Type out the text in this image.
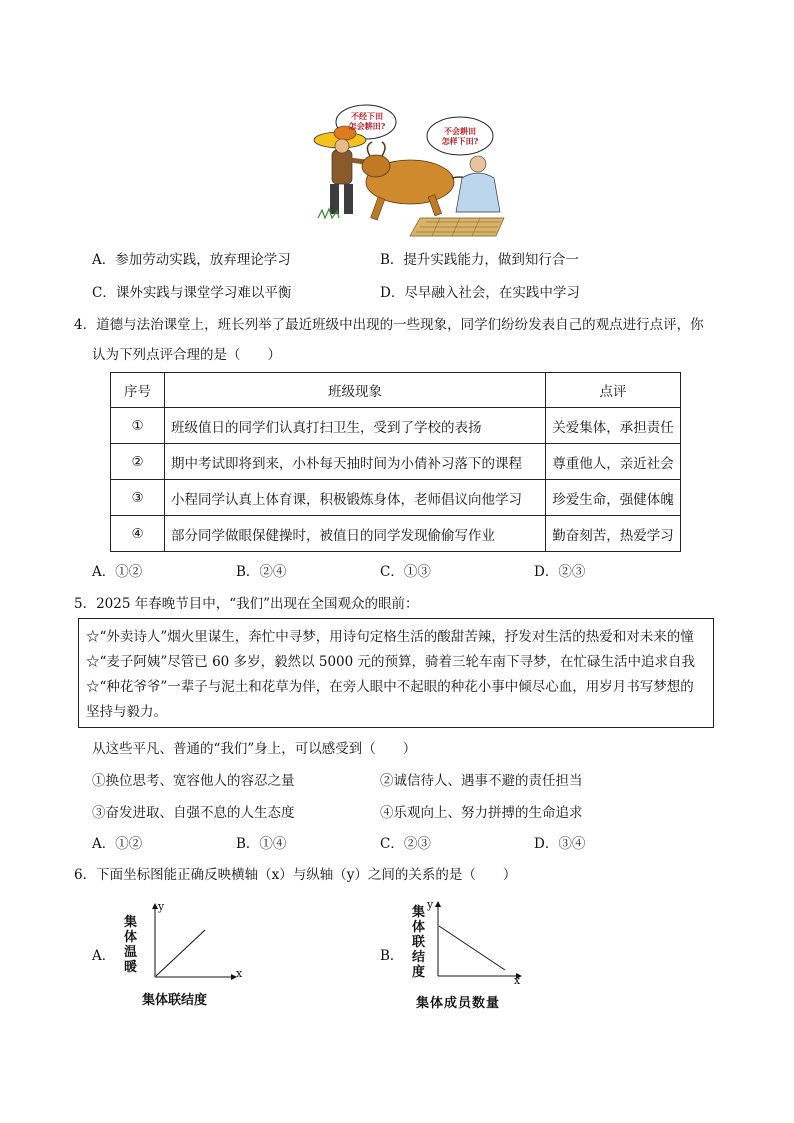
不经下田
怎会耕田?	不会耕田
怎样下田?
A．参加劳动实践，放弃理论学习	B．提升实践能力，做到知行合一
C．课外实践与课堂学习难以平衡	D．尽早融入社会，在实践中学习
4．道德与法治课堂上，班长列举了最近班级中出现的一些现象，同学们纷纷发表自己的观点进行点评，你
认为下列点评合理的是（　　）
序号	班级现象	点评
①	班级值日的同学们认真打扫卫生，受到了学校的表扬	关爱集体，承担责任
②	期中考试即将到来，小朴每天抽时间为小倩补习落下的课程	尊重他人，亲近社会
③	小程同学认真上体育课，积极锻炼身体，老师倡议向他学习	珍爱生命，强健体魄
④	部分同学做眼保健操时，被值日的同学发现偷偷写作业	勤奋刻苦，热爱学习
A．①②	B．②④	C．①③	D．②③
5．2025 年春晚节目中，“我们”出现在全国观众的眼前：
☆“外卖诗人”烟火里谋生，奔忙中寻梦，用诗句定格生活的酸甜苦辣，抒发对生活的热爱和对未来的憧
☆“麦子阿姨”尽管已 60 多岁，毅然以 5000 元的预算，骑着三轮车南下寻梦，在忙碌生活中追求自我
☆“种花爷爷”一辈子与泥土和花草为伴，在旁人眼中不起眼的种花小事中倾尽心血，用岁月书写梦想的
坚持与毅力。
从这些平凡、普通的“我们”身上，可以感受到（　　）
①换位思考、宽容他人的容忍之量	②诚信待人、遇事不避的责任担当
③奋发进取、自强不息的人生态度	④乐观向上、努力拼搏的生命追求
A．①②	B．①④	C．②③	D．③④
6．下面坐标图能正确反映横轴（x）与纵轴（y）之间的关系的是（　　）
A．
y
x
集体温暖
集体联结度
B．
y
x
集体联结度
集体成员数量
